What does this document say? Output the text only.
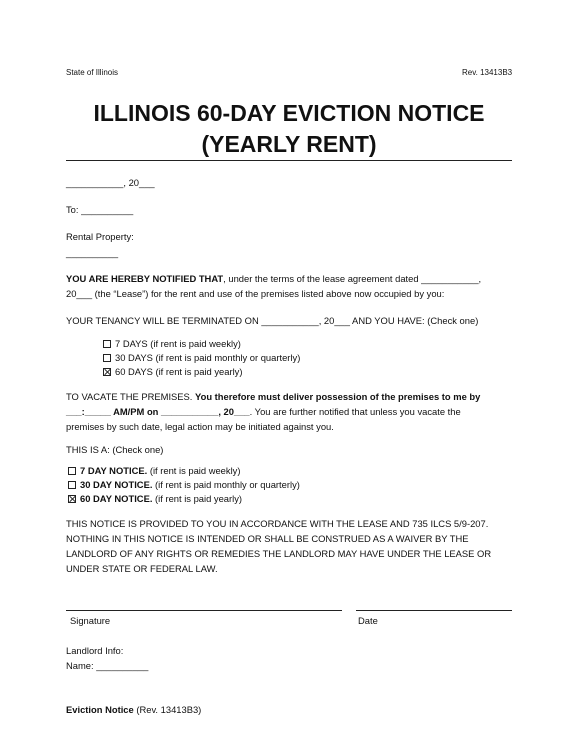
State of Illinois	Rev. 13413B3
ILLINOIS 60-DAY EVICTION NOTICE
(YEARLY RENT)
___________, 20___
To: __________
Rental Property:
__________
YOU ARE HEREBY NOTIFIED THAT, under the terms of the lease agreement dated ___________,
20___ (the “Lease”) for the rent and use of the premises listed above now occupied by you:
YOUR TENANCY WILL BE TERMINATED ON ___________, 20___ AND YOU HAVE: (Check one)
7 DAYS (if rent is paid weekly)
30 DAYS (if rent is paid monthly or quarterly)
60 DAYS (if rent is paid yearly)
TO VACATE THE PREMISES. You therefore must deliver possession of the premises to me by
___:_____ AM/PM on ___________, 20___. You are further notified that unless you vacate the
premises by such date, legal action may be initiated against you.
THIS IS A: (Check one)
7 DAY NOTICE. (if rent is paid weekly)
30 DAY NOTICE. (if rent is paid monthly or quarterly)
60 DAY NOTICE. (if rent is paid yearly)
THIS NOTICE IS PROVIDED TO YOU IN ACCORDANCE WITH THE LEASE AND 735 ILCS 5/9-207.
NOTHING IN THIS NOTICE IS INTENDED OR SHALL BE CONSTRUED AS A WAIVER BY THE
LANDLORD OF ANY RIGHTS OR REMEDIES THE LANDLORD MAY HAVE UNDER THE LEASE OR
UNDER STATE OR FEDERAL LAW.
Signature	Date
Landlord Info:
Name: __________
Eviction Notice (Rev. 13413B3)
